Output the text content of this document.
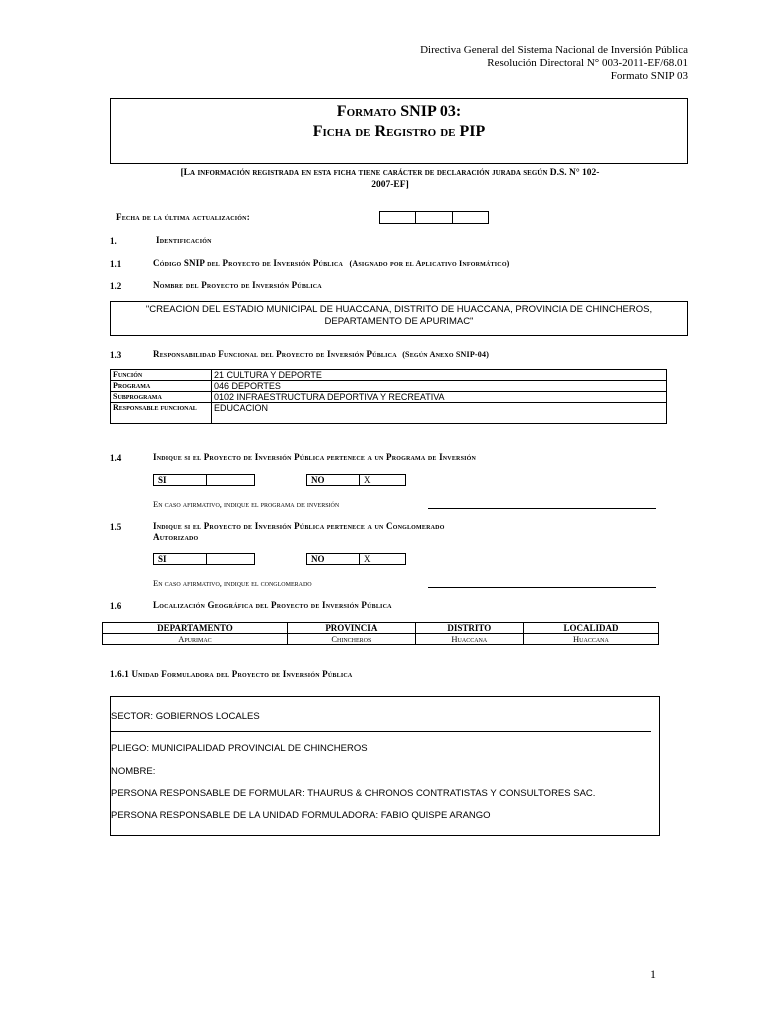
Directiva General del Sistema Nacional de Inversión Pública
Resolución Directoral N° 003-2011-EF/68.01
Formato SNIP 03
Formato SNIP 03:
Ficha de Registro de PIP
[La información registrada en esta ficha tiene carácter de declaración jurada según D.S. N° 102-
2007-EF]
Fecha de la última actualización:
1.	Identificación
1.1	Código SNIP del Proyecto de Inversión Pública (Asignado por el Aplicativo Informático)
1.2	Nombre del Proyecto de Inversión Pública
"CREACION DEL ESTADIO MUNICIPAL DE HUACCANA, DISTRITO DE HUACCANA, PROVINCIA DE CHINCHEROS,
DEPARTAMENTO DE APURIMAC"
1.3	Responsabilidad Funcional del Proyecto de Inversión Pública (Según Anexo SNIP-04)
Función	21 CULTURA Y DEPORTE
Programa	046 DEPORTES
Subprograma	0102 INFRAESTRUCTURA DEPORTIVA Y RECREATIVA
Responsable funcional	EDUCACION
1.4	Indique si el Proyecto de Inversión Pública pertenece a un Programa de Inversión
SI	NO	X
En caso afirmativo, indique el programa de inversión
1.5	Indique si el Proyecto de Inversión Pública pertenece a un Conglomerado
Autorizado
SI	NO	X
En caso afirmativo, indique el conglomerado
1.6	Localización Geográfica del Proyecto de Inversión Pública
DEPARTAMENTO	PROVINCIA	DISTRITO	LOCALIDAD
Apurimac	Chincheros	Huaccana	Huaccana
1.6.1 Unidad Formuladora del Proyecto de Inversión Pública
SECTOR: GOBIERNOS LOCALES
PLIEGO: MUNICIPALIDAD PROVINCIAL DE CHINCHEROS
NOMBRE:
PERSONA RESPONSABLE DE FORMULAR: THAURUS & CHRONOS CONTRATISTAS Y CONSULTORES SAC.
PERSONA RESPONSABLE DE LA UNIDAD FORMULADORA: FABIO QUISPE ARANGO
1
